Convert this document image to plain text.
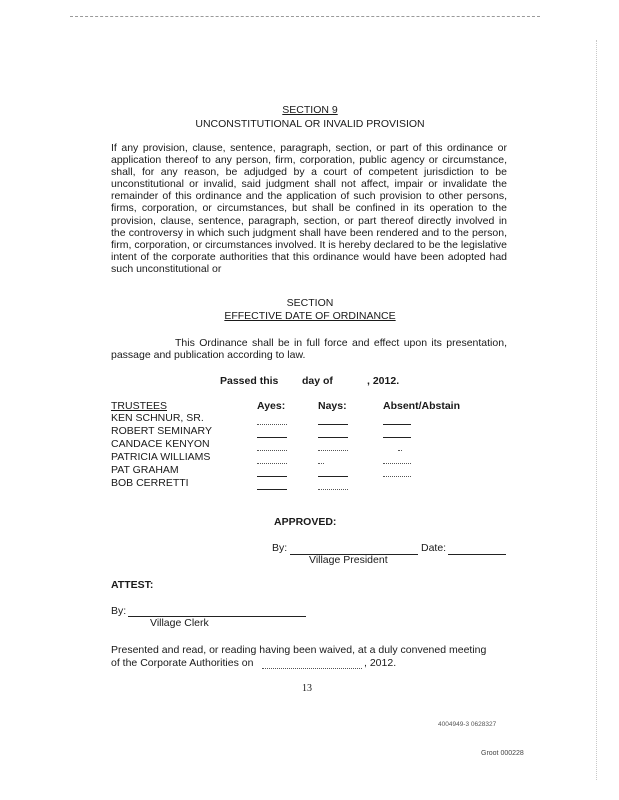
SECTION 9
UNCONSTITUTIONAL OR INVALID PROVISION
If any provision, clause, sentence, paragraph, section, or part of this ordinance or application thereof to any person, firm, corporation, public agency or circumstance, shall, for any reason, be adjudged by a court of competent jurisdiction to be unconstitutional or invalid, said judgment shall not affect, impair or invalidate the remainder of this ordinance and the application of such provision to other persons, firms, corporation, or circumstances, but shall be confined in its operation to the provision, clause, sentence, paragraph, section, or part thereof directly involved in the controversy in which such judgment shall have been rendered and to the person, firm, corporation, or circumstances involved. It is hereby declared to be the legislative intent of the corporate authorities that this ordinance would have been adopted had such unconstitutional or
SECTION
EFFECTIVE DATE OF ORDINANCE
This Ordinance shall be in full force and effect upon its presentation, passage and publication according to law.
Passed this day of	, 2012.
TRUSTEES	Ayes:	Nays:	Absent/Abstain
KEN SCHNUR, SR.
ROBERT SEMINARY
CANDACE KENYON
PATRICIA WILLIAMS
PAT GRAHAM
BOB CERRETTI
APPROVED:
By:	Date:
Village President
ATTEST:
By:
Village Clerk
Presented and read, or reading having been waived, at a duly convened meeting
of the Corporate Authorities on	, 2012.
13
4004949-3 0628327
Groot 000228
